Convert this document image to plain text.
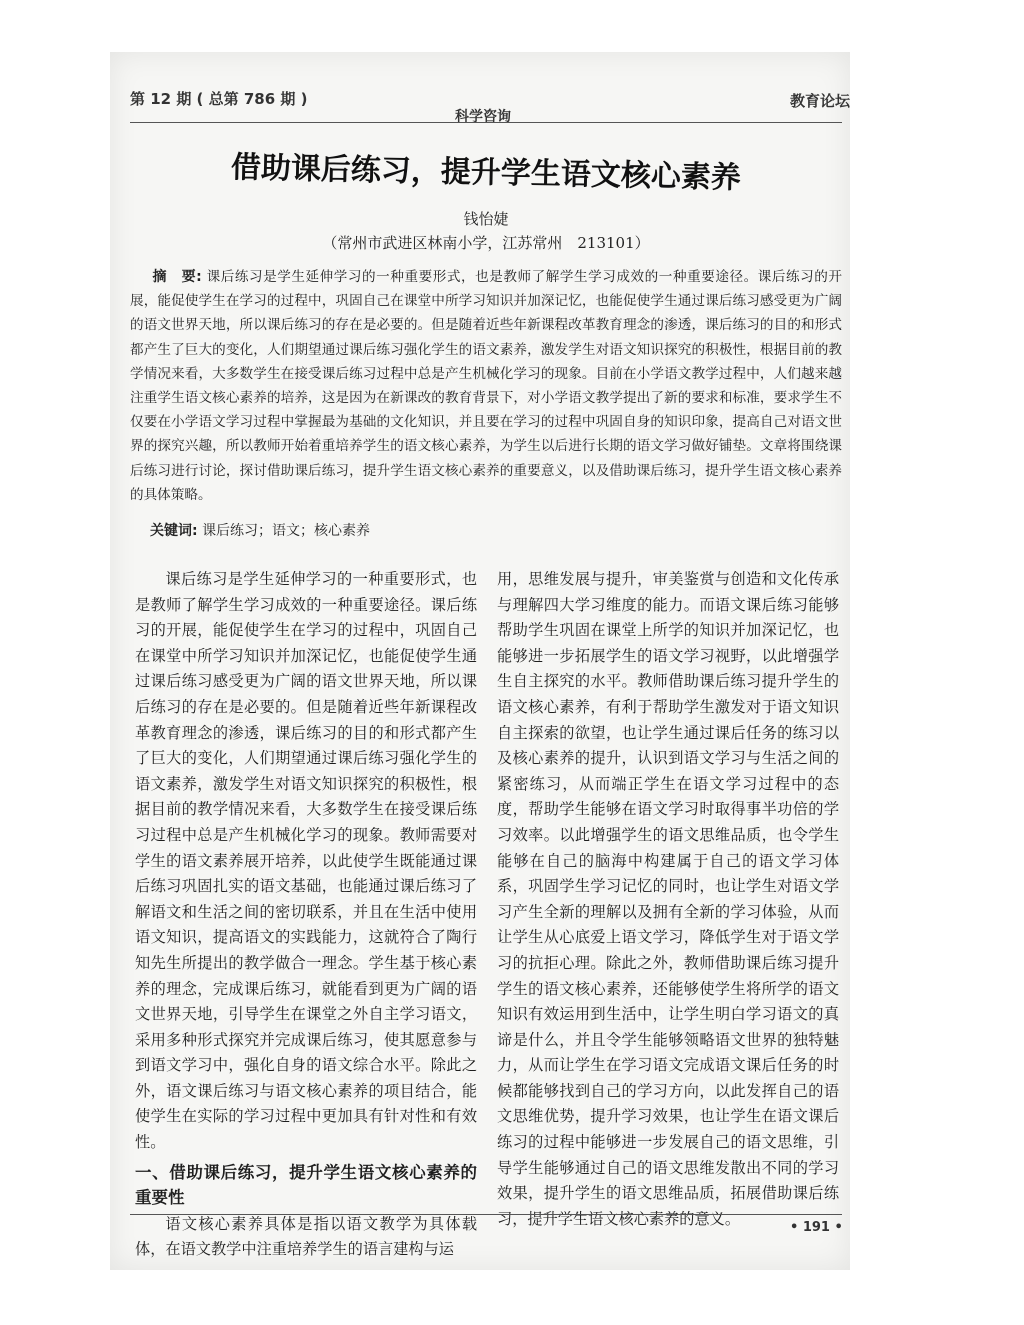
第 12 期 ( 总第 786 期 )
科学咨询
教育论坛
借助课后练习，提升学生语文核心素养
钱怡婕
（常州市武进区林南小学，江苏常州　213101）
摘　要: 课后练习是学生延伸学习的一种重要形式，也是教师了解学生学习成效的一种重要途径。课后练习的开展，能促使学生在学习的过程中，巩固自己在课堂中所学习知识并加深记忆，也能促使学生通过课后练习感受更为广阔的语文世界天地，所以课后练习的存在是必要的。但是随着近些年新课程改革教育理念的渗透，课后练习的目的和形式都产生了巨大的变化，人们期望通过课后练习强化学生的语文素养，激发学生对语文知识探究的积极性，根据目前的教学情况来看，大多数学生在接受课后练习过程中总是产生机械化学习的现象。目前在小学语文教学过程中，人们越来越注重学生语文核心素养的培养，这是因为在新课改的教育背景下，对小学语文教学提出了新的要求和标准，要求学生不仅要在小学语文学习过程中掌握最为基础的文化知识，并且要在学习的过程中巩固自身的知识印象，提高自己对语文世界的探究兴趣，所以教师开始着重培养学生的语文核心素养，为学生以后进行长期的语文学习做好铺垫。文章将围绕课后练习进行讨论，探讨借助课后练习，提升学生语文核心素养的重要意义，以及借助课后练习，提升学生语文核心素养的具体策略。
关键词: 课后练习；语文；核心素养

课后练习是学生延伸学习的一种重要形式，也是教师了解学生学习成效的一种重要途径。课后练习的开展，能促使学生在学习的过程中，巩固自己在课堂中所学习知识并加深记忆，也能促使学生通过课后练习感受更为广阔的语文世界天地，所以课后练习的存在是必要的。但是随着近些年新课程改革教育理念的渗透，课后练习的目的和形式都产生了巨大的变化，人们期望通过课后练习强化学生的语文素养，激发学生对语文知识探究的积极性，根据目前的教学情况来看，大多数学生在接受课后练习过程中总是产生机械化学习的现象。教师需要对学生的语文素养展开培养，以此使学生既能通过课后练习巩固扎实的语文基础，也能通过课后练习了解语文和生活之间的密切联系，并且在生活中使用语文知识，提高语文的实践能力，这就符合了陶行知先生所提出的教学做合一理念。学生基于核心素养的理念，完成课后练习，就能看到更为广阔的语文世界天地，引导学生在课堂之外自主学习语文，采用多种形式探究并完成课后练习，使其愿意参与到语文学习中，强化自身的语文综合水平。除此之外，语文课后练习与语文核心素养的项目结合，能使学生在实际的学习过程中更加具有针对性和有效性。

一、借助课后练习，提升学生语文核心素养的重要性

语文核心素养具体是指以语文教学为具体载体，在语文教学中注重培养学生的语言建构与运

用，思维发展与提升，审美鉴赏与创造和文化传承与理解四大学习维度的能力。而语文课后练习能够帮助学生巩固在课堂上所学的知识并加深记忆，也能够进一步拓展学生的语文学习视野，以此增强学生自主探究的水平。教师借助课后练习提升学生的语文核心素养，有利于帮助学生激发对于语文知识自主探索的欲望，也让学生通过课后任务的练习以及核心素养的提升，认识到语文学习与生活之间的紧密练习，从而端正学生在语文学习过程中的态度，帮助学生能够在语文学习时取得事半功倍的学习效率。以此增强学生的语文思维品质，也令学生能够在自己的脑海中构建属于自己的语文学习体系，巩固学生学习记忆的同时，也让学生对语文学习产生全新的理解以及拥有全新的学习体验，从而让学生从心底爱上语文学习，降低学生对于语文学习的抗拒心理。除此之外，教师借助课后练习提升学生的语文核心素养，还能够使学生将所学的语文知识有效运用到生活中，让学生明白学习语文的真谛是什么，并且令学生能够领略语文世界的独特魅力，从而让学生在学习语文完成语文课后任务的时候都能够找到自己的学习方向，以此发挥自己的语文思维优势，提升学习效果，也让学生在语文课后练习的过程中能够进一步发展自己的语文思维，引导学生能够通过自己的语文思维发散出不同的学习效果，提升学生的语文思维品质，拓展借助课后练习，提升学生语文核心素养的意义。	• 191 •
